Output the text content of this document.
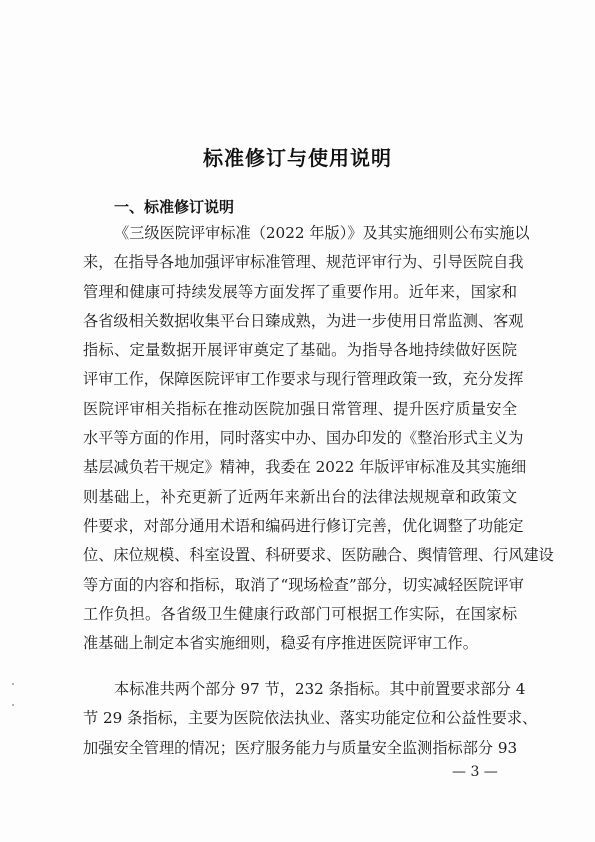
标准修订与使用说明
一、标准修订说明

《三级医院评审标准（2022 年版）》及其实施细则公布实施以
来，在指导各地加强评审标准管理、规范评审行为、引导医院自我
管理和健康可持续发展等方面发挥了重要作用。近年来，国家和
各省级相关数据收集平台日臻成熟，为进一步使用日常监测、客观
指标、定量数据开展评审奠定了基础。为指导各地持续做好医院
评审工作，保障医院评审工作要求与现行管理政策一致，充分发挥
医院评审相关指标在推动医院加强日常管理、提升医疗质量安全
水平等方面的作用，同时落实中办、国办印发的《整治形式主义为
基层减负若干规定》精神，我委在 2022 年版评审标准及其实施细
则基础上，补充更新了近两年来新出台的法律法规规章和政策文
件要求，对部分通用术语和编码进行修订完善，优化调整了功能定
位、床位规模、科室设置、科研要求、医防融合、舆情管理、行风建设
等方面的内容和指标，取消了“现场检查”部分，切实减轻医院评审
工作负担。各省级卫生健康行政部门可根据工作实际，在国家标
准基础上制定本省实施细则，稳妥有序推进医院评审工作。

本标准共两个部分 97 节，232 条指标。其中前置要求部分 4
节 29 条指标，主要为医院依法执业、落实功能定位和公益性要求、
加强安全管理的情况；医疗服务能力与质量安全监测指标部分 93

— 3 —
